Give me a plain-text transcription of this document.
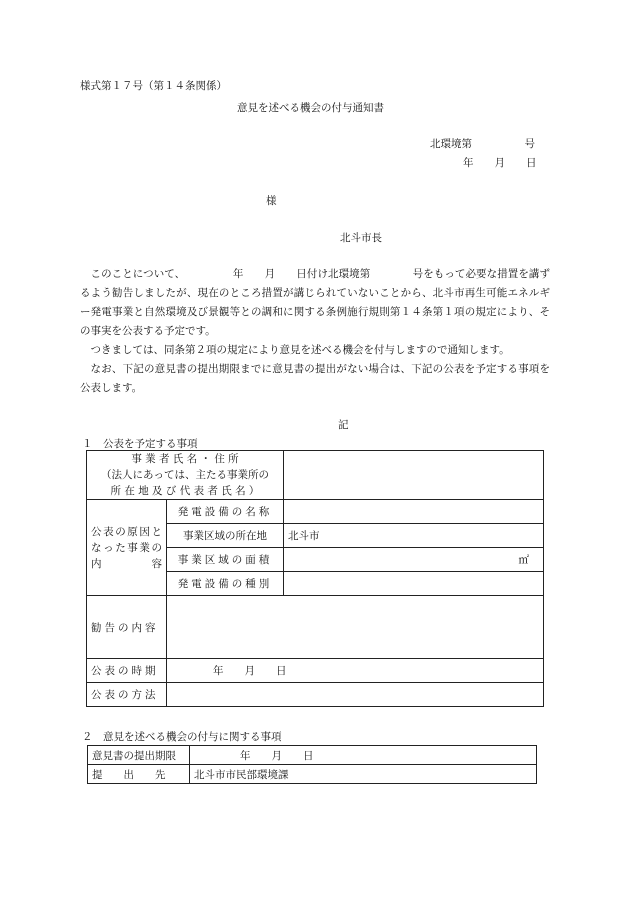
様式第１７号（第１４条関係）
意見を述べる機会の付与通知書
北環境第　　　　　号
年　　月　　日
様
北斗市長

このことについて、　　　　　年　　月　　日付け北環境第　　　　号をもって必要な措置を講ずるよう勧告しましたが、現在のところ措置が講じられていないことから、北斗市再生可能エネルギー発電事業と自然環境及び景観等との調和に関する条例施行規則第１４条第１項の規定により、その事実を公表する予定です。

つきましては、同条第２項の規定により意見を述べる機会を付与しますので通知します。

なお、下記の意見書の提出期限までに意見書の提出がない場合は、下記の公表を予定する事項を公表します。

記
１　公表を予定する事項
事 業 者 氏 名 ・ 住 所
（法人にあっては、主たる事業所の
所 在 地 及 び 代 表 者 氏 名 ）		

公表の原因となった事業の内　　容	発電設備の名称	
	事業区域の所在地	北斗市
	事業区域の面積	㎡
	発電設備の種別	
勧告の内容		
公表の時期	年　　月　　日	
公表の方法		
２　意見を述べる機会の付与に関する事項
意見書の提出期限	年　　月　　日
提　　出　　先	北斗市市民部環境課
